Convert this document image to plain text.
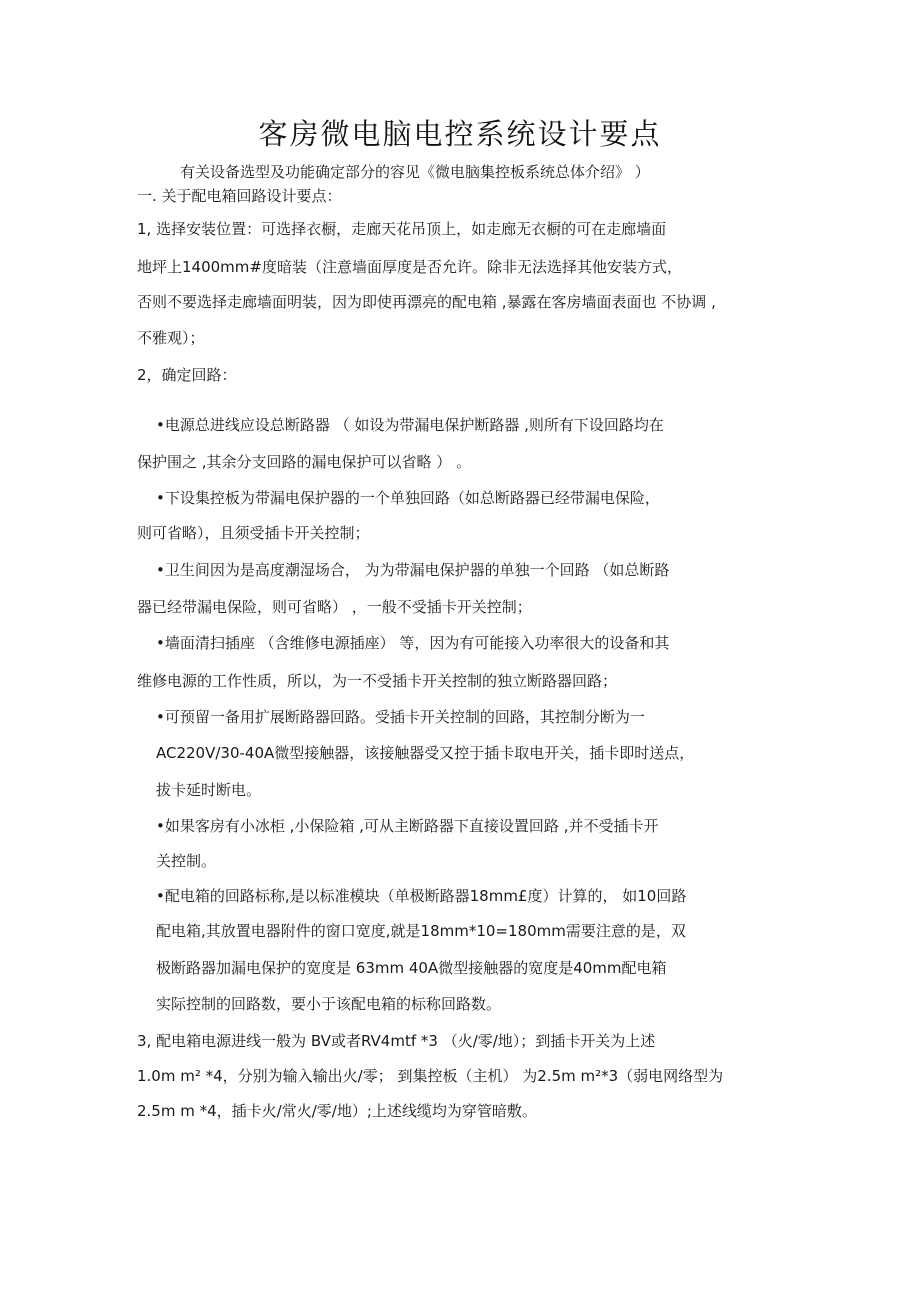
客房微电脑电控系统设计要点
有关设备选型及功能确定部分的容见《微电脑集控板系统总体介绍》 ）
一. 关于配电箱回路设计要点：
1, 选择安装位置：可选择衣橱，走廊天花吊顶上，如走廊无衣橱的可在走廊墙面
地坪上1400mm#度暗装（注意墙面厚度是否允许。除非无法选择其他安装方式，
否则不要选择走廊墙面明装，因为即使再漂亮的配电箱 ,暴露在客房墙面表面也 不协调 ,
不雅观）；
2，确定回路：
•电源总进线应设总断路器 （ 如设为带漏电保护断路器 ,则所有下设回路均在
保护围之 ,其余分支回路的漏电保护可以省略 ） 。
•下设集控板为带漏电保护器的一个单独回路（如总断路器已经带漏电保险，
则可省略），且须受插卡开关控制；
•卫生间因为是高度潮湿场合， 为为带漏电保护器的单独一个回路 （如总断路
器已经带漏电保险，则可省略） ，一般不受插卡开关控制；
•墙面清扫插座 （含维修电源插座） 等，因为有可能接入功率很大的设备和其
维修电源的工作性质，所以，为一不受插卡开关控制的独立断路器回路；
•可预留一备用扩展断路器回路。受插卡开关控制的回路，其控制分断为一
AC220V/30-40A微型接触器，该接触器受又控于插卡取电开关，插卡即时送点，
拔卡延时断电。
•如果客房有小冰柜 ,小保险箱 ,可从主断路器下直接设置回路 ,并不受插卡开
关控制。
•配电箱的回路标称,是以标准模块（单极断路器18mm£度）计算的， 如10回路
配电箱,其放置电器附件的窗口宽度,就是18mm*10=180mm需要注意的是，双
极断路器加漏电保护的宽度是 63mm 40A微型接触器的宽度是40mm配电箱
实际控制的回路数，要小于该配电箱的标称回路数。
3, 配电箱电源进线一般为 BV或者RV4mtf *3 （火/零/地）；到插卡开关为上述
1.0m m² *4，分别为输入输出火/零； 到集控板（主机） 为2.5m m²*3（弱电网络型为
2.5m m *4，插卡火/常火/零/地）;上述线缆均为穿管暗敷。
